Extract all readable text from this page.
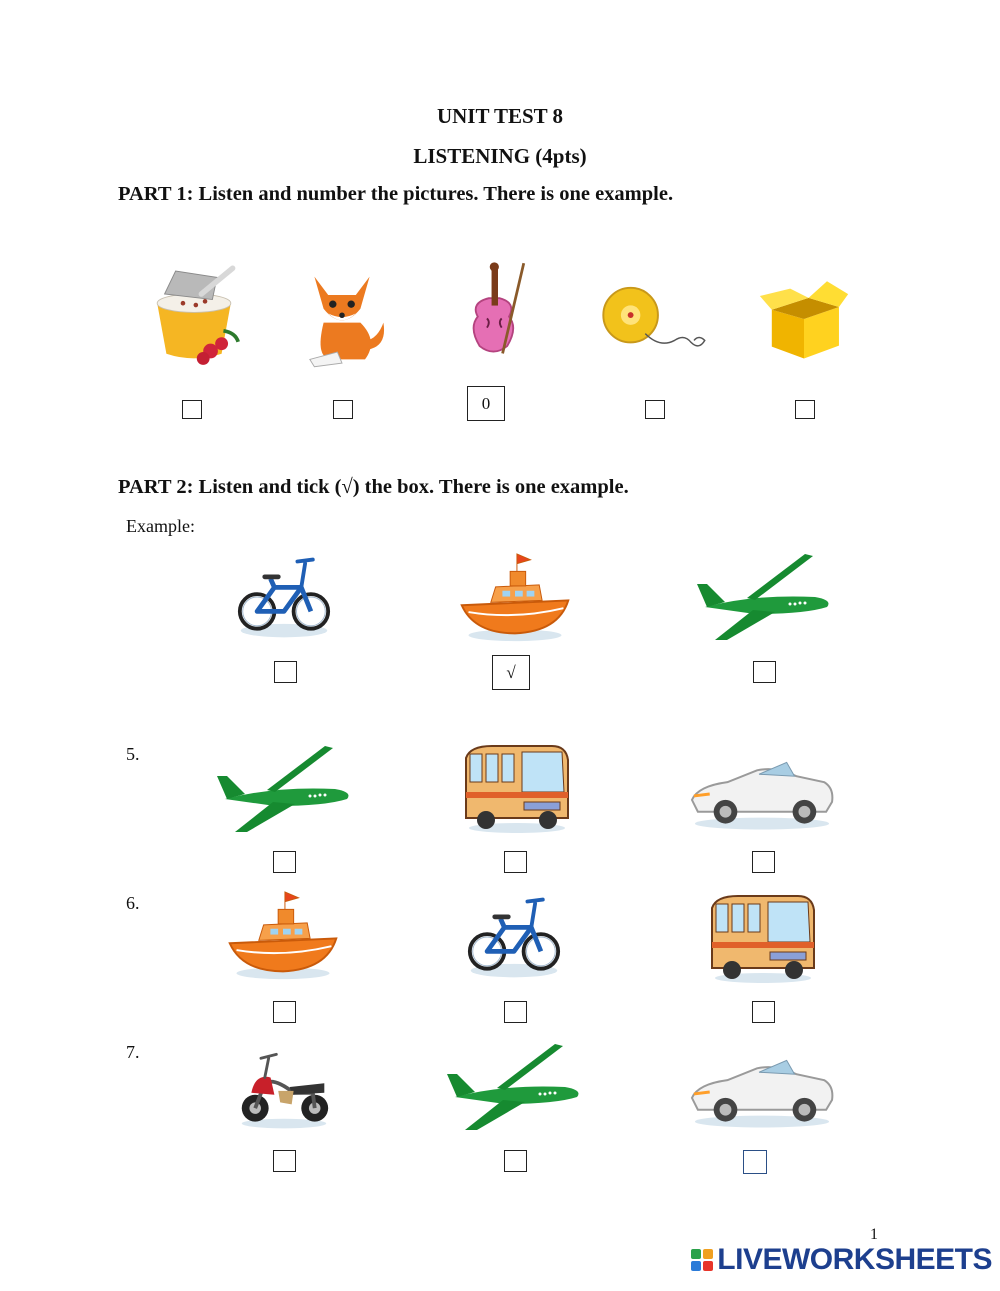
UNIT TEST 8
LISTENING (4pts)
PART 1: Listen and number the pictures. There is one example.
0
PART 2: Listen and tick (√) the box. There is one example.
Example:
√
5.
6.
7.
1
LIVEWORKSHEETS
